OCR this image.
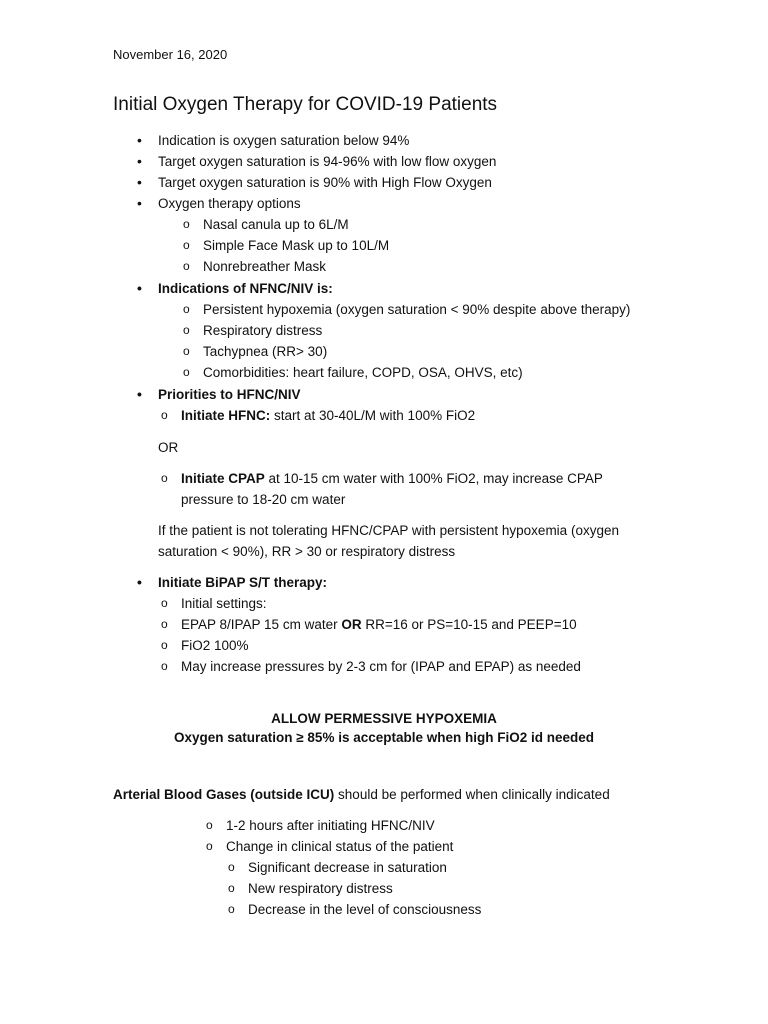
November 16, 2020
Initial Oxygen Therapy for COVID-19 Patients
• Indication is oxygen saturation below 94%
• Target oxygen saturation is 94-96% with low flow oxygen
• Target oxygen saturation is 90% with High Flow Oxygen
• Oxygen therapy options
o Nasal canula up to 6L/M
o Simple Face Mask up to 10L/M
o Nonrebreather Mask
• Indications of NFNC/NIV is:
o Persistent hypoxemia (oxygen saturation < 90% despite above therapy)
o Respiratory distress
o Tachypnea (RR> 30)
o Comorbidities: heart failure, COPD, OSA, OHVS, etc)
• Priorities to HFNC/NIV
o Initiate HFNC: start at 30-40L/M with 100% FiO2
OR
o Initiate CPAP at 10-15 cm water with 100% FiO2, may increase CPAP
pressure to 18-20 cm water
If the patient is not tolerating HFNC/CPAP with persistent hypoxemia (oxygen
saturation < 90%), RR > 30 or respiratory distress
• Initiate BiPAP S/T therapy:
o Initial settings:
o EPAP 8/IPAP 15 cm water OR RR=16 or PS=10-15 and PEEP=10
o FiO2 100%
o May increase pressures by 2-3 cm for (IPAP and EPAP) as needed
ALLOW PERMESSIVE HYPOXEMIA
Oxygen saturation ≥ 85% is acceptable when high FiO2 id needed
Arterial Blood Gases (outside ICU) should be performed when clinically indicated
o 1-2 hours after initiating HFNC/NIV
o Change in clinical status of the patient
o Significant decrease in saturation
o New respiratory distress
o Decrease in the level of consciousness
